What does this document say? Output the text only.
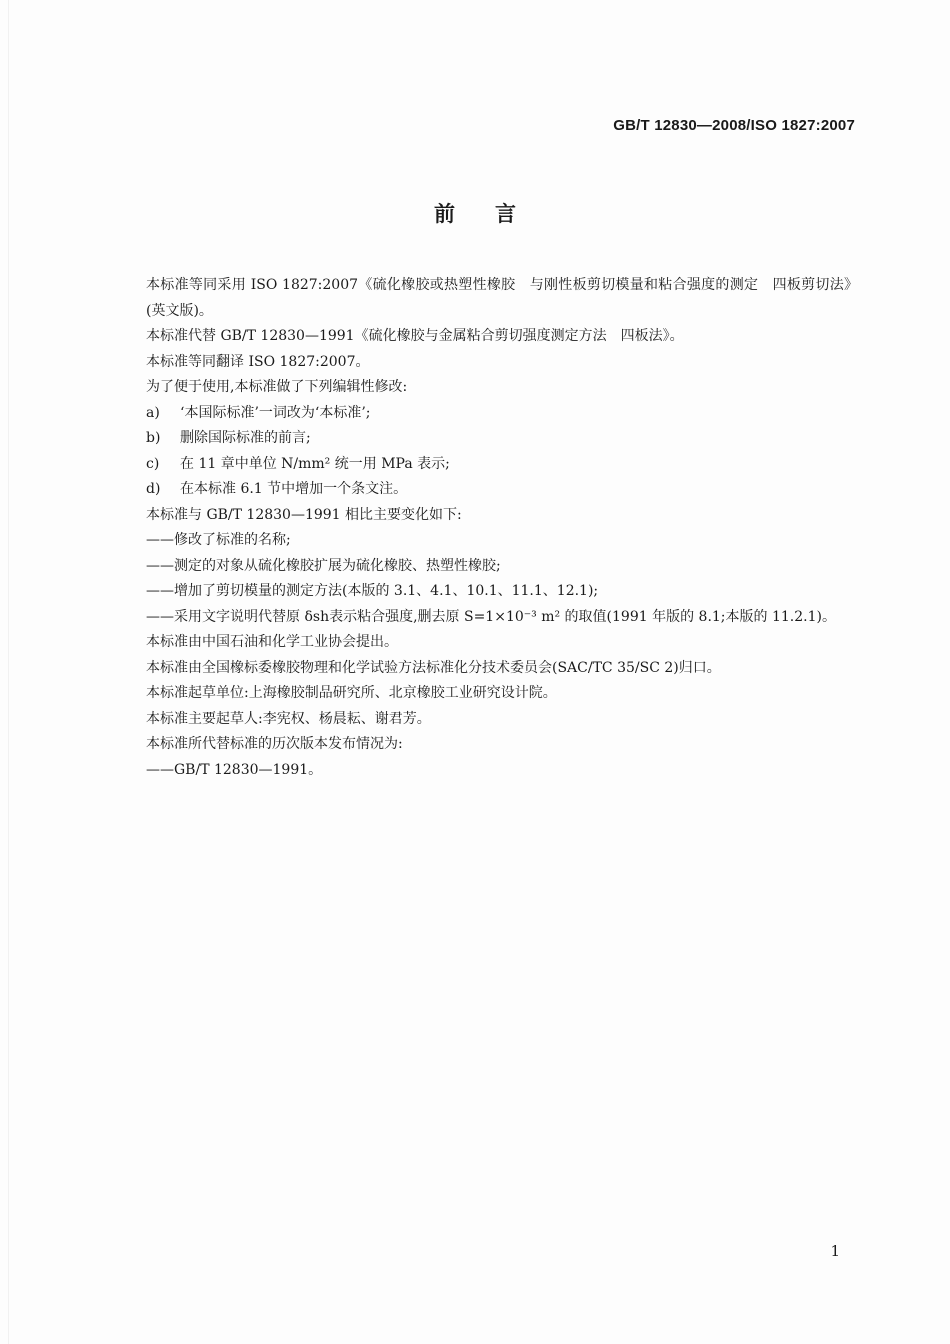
GB/T 12830—2008/ISO 1827:2007
前言

本标准等同采用 ISO 1827:2007《硫化橡胶或热塑性橡胶　与刚性板剪切模量和粘合强度的测定　四板剪切法》(英文版)。

本标准代替 GB/T 12830—1991《硫化橡胶与金属粘合剪切强度测定方法　四板法》。

本标准等同翻译 ISO 1827:2007。

为了便于使用,本标准做了下列编辑性修改:

a)	‘本国际标准’一词改为‘本标准’;
b)	删除国际标准的前言;
c)	在 11 章中单位 N/mm² 统一用 MPa 表示;
d)	在本标准 6.1 节中增加一个条文注。

本标准与 GB/T 12830—1991 相比主要变化如下:

——修改了标准的名称;

——测定的对象从硫化橡胶扩展为硫化橡胶、热塑性橡胶;

——增加了剪切模量的测定方法(本版的 3.1、4.1、10.1、11.1、12.1);

——采用文字说明代替原 δsh表示粘合强度,删去原 S=1×10⁻³ m² 的取值(1991 年版的 8.1;本版的 11.2.1)。

本标准由中国石油和化学工业协会提出。

本标准由全国橡标委橡胶物理和化学试验方法标准化分技术委员会(SAC/TC 35/SC 2)归口。

本标准起草单位:上海橡胶制品研究所、北京橡胶工业研究设计院。

本标准主要起草人:李宪权、杨晨耘、谢君芳。

本标准所代替标准的历次版本发布情况为:

——GB/T 12830—1991。

1
